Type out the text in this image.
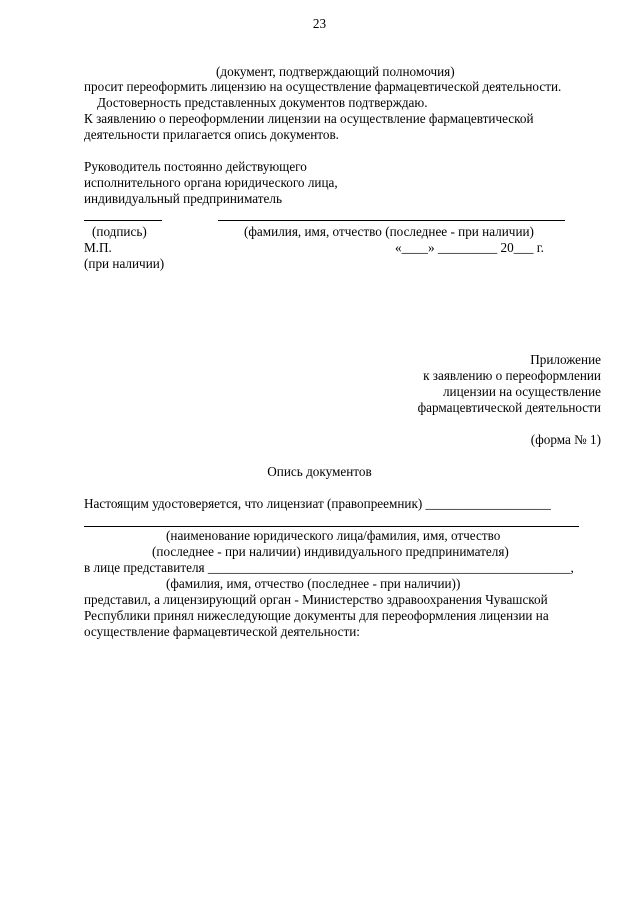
23
(документ, подтверждающий полномочия)
просит переоформить лицензию на осуществление фармацевтической деятельности.
Достоверность представленных документов подтверждаю.
К заявлению о переоформлении лицензии на осуществление фармацевтической
деятельности прилагается опись документов.
Руководитель постоянно действующего
исполнительного органа юридического лица,
индивидуальный предприниматель
(подпись)	(фамилия, имя, отчество (последнее - при наличии)
М.П.	«____» _________ 20___ г.
(при наличии)
Приложение
к заявлению о переоформлении
лицензии на осуществление
фармацевтической деятельности
(форма № 1)
Опись документов
Настоящим удостоверяется, что лицензиат (правопреемник) ___________________
(наименование юридического лица/фамилия, имя, отчество
(последнее - при наличии) индивидуального предпринимателя)
в лице представителя _______________________________________________________,
(фамилия, имя, отчество (последнее - при наличии))
представил, а лицензирующий орган - Министерство здравоохранения Чувашской
Республики принял нижеследующие документы для переоформления лицензии на
осуществление фармацевтической деятельности:
